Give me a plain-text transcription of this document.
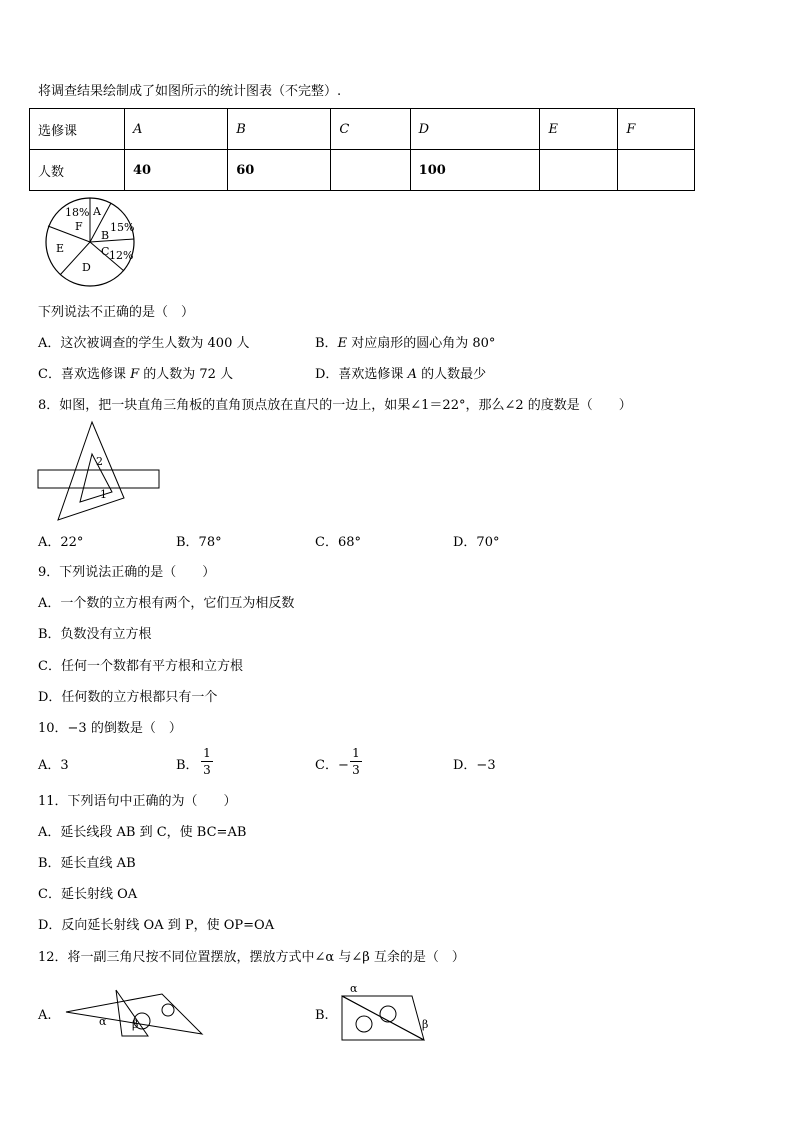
将调查结果绘制成了如图所示的统计图表（不完整）.
选修课	A	B	C	D	E	F
人数	40	60		100		
18% A
F 15%
B
E	C 12%
D
下列说法不正确的是（　）
A．这次被调查的学生人数为 400 人	B．E 对应扇形的圆心角为 80°
C．喜欢选修课 F 的人数为 72 人	D．喜欢选修课 A 的人数最少
8．如图，把一块直角三角板的直角顶点放在直尺的一边上，如果∠1＝22°，那么∠2 的度数是（　　）
2
1
A．22°	B．78°	C．68°	D．70°
9．下列说法正确的是（　　）
A．一个数的立方根有两个，它们互为相反数
B．负数没有立方根
C．任何一个数都有平方根和立方根
D．任何数的立方根都只有一个
10．−3 的倒数是（　）
A．3	B．
1
3	C．−
1
3	D．−3
11．下列语句中正确的为（　　）
A．延长线段 AB 到 C，使 BC=AB
B．延长直线 AB
C．延长射线 OA
D．反向延长射线 OA 到 P，使 OP=OA
12．将一副三角尺按不同位置摆放，摆放方式中∠α 与∠β 互余的是（　）
A.	α β
B.
α
β
